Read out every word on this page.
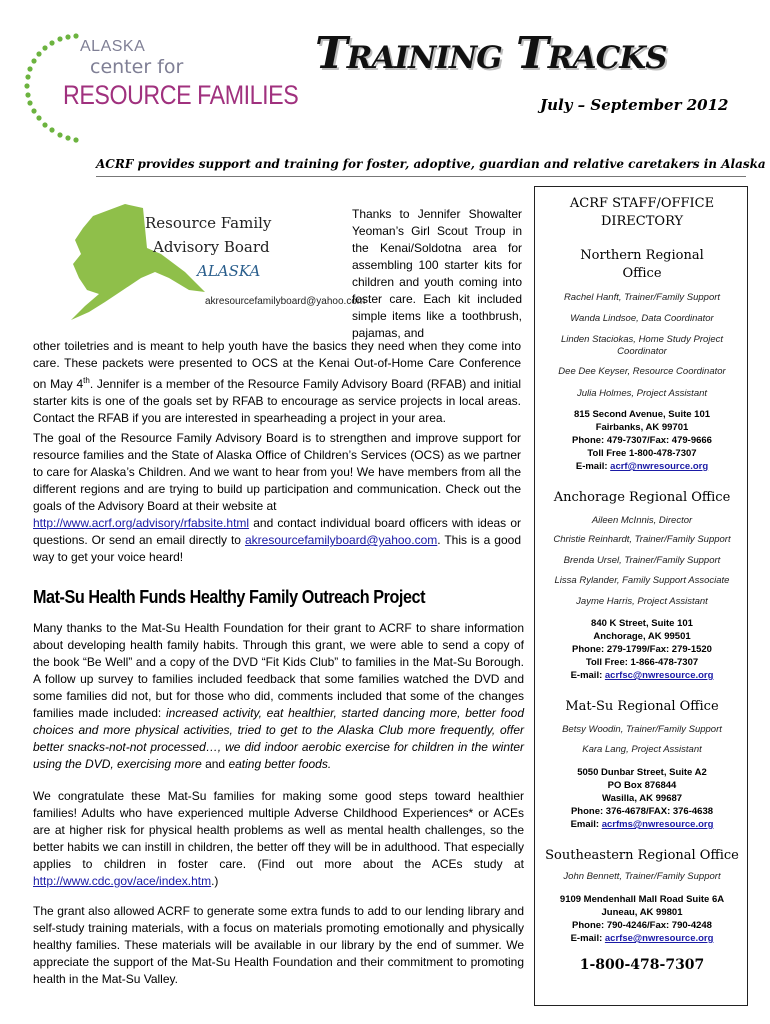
ALASKA
center for
RESOURCE FAMILIES
Training Tracks
July – September 2012
ACRF provides support and training for foster, adoptive, guardian and relative caretakers in Alaska
Resource Family
Advisory Board
ALASKA
akresourcefamilyboard@yahoo.com
Thanks to Jennifer Showalter Yeoman’s Girl Scout Troup in the Kenai/Soldotna area for assembling 100 starter kits for children and youth coming into foster care. Each kit included simple items like a toothbrush, pajamas, and
other toiletries and is meant to help youth have the basics they need when they come into care. These packets were presented to OCS at the Kenai Out-of-Home Care Conference on May 4th. Jennifer is a member of the Resource Family Advisory Board (RFAB) and initial starter kits is one of the goals set by RFAB to encourage as service projects in local areas. Contact the RFAB if you are interested in spearheading a project in your area.
The goal of the Resource Family Advisory Board is to strengthen and improve support for resource families and the State of Alaska Office of Children’s Services (OCS) as we partner to care for Alaska’s Children. And we want to hear from you! We have members from all the different regions and are trying to build up participation and communication. Check out the goals of the Advisory Board at their website at
http://www.acrf.org/advisory/rfabsite.html and contact individual board officers with ideas or questions. Or send an email directly to akresourcefamilyboard@yahoo.com. This is a good way to get your voice heard!
Mat-Su Health Funds Healthy Family Outreach Project
Many thanks to the Mat-Su Health Foundation for their grant to ACRF to share information about developing health family habits. Through this grant, we were able to send a copy of the book “Be Well” and a copy of the DVD “Fit Kids Club” to families in the Mat-Su Borough. A follow up survey to families included feedback that some families watched the DVD and some families did not, but for those who did, comments included that some of the changes families made included: increased activity, eat healthier, started dancing more, better food choices and more physical activities, tried to get to the Alaska Club more frequently, offer better snacks-not-not processed…, we did indoor aerobic exercise for children in the winter using the DVD, exercising more and eating better foods.
We congratulate these Mat-Su families for making some good steps toward healthier families! Adults who have experienced multiple Adverse Childhood Experiences* or ACEs are at higher risk for physical health problems as well as mental health challenges, so the better habits we can instill in children, the better off they will be in adulthood. That especially applies to children in foster care. (Find out more about the ACEs study at http://www.cdc.gov/ace/index.htm.)
The grant also allowed ACRF to generate some extra funds to add to our lending library and self-study training materials, with a focus on materials promoting emotionally and physically healthy families. These materials will be available in our library by the end of summer. We appreciate the support of the Mat-Su Health Foundation and their commitment to promoting health in the Mat-Su Valley.
ACRF STAFF/OFFICE
DIRECTORY
Northern Regional
Office
Rachel Hanft, Trainer/Family Support
Wanda Lindsoe, Data Coordinator
Linden Staciokas, Home Study Project
Coordinator
Dee Dee Keyser, Resource Coordinator
Julia Holmes, Project Assistant
815 Second Avenue, Suite 101
Fairbanks, AK 99701
Phone: 479-7307/Fax: 479-9666
Toll Free 1-800-478-7307
E-mail: acrf@nwresource.org
Anchorage Regional Office
Aileen McInnis, Director
Christie Reinhardt, Trainer/Family Support
Brenda Ursel, Trainer/Family Support
Lissa Rylander, Family Support Associate
Jayme Harris, Project Assistant
840 K Street, Suite 101
Anchorage, AK 99501
Phone: 279-1799/Fax: 279-1520
Toll Free: 1-866-478-7307
E-mail: acrfsc@nwresource.org
Mat-Su Regional Office
Betsy Woodin, Trainer/Family Support
Kara Lang, Project Assistant
5050 Dunbar Street, Suite A2
PO Box 876844
Wasilla, AK 99687
Phone: 376-4678/FAX: 376-4638
Email: acrfms@nwresource.org
Southeastern Regional Office
John Bennett, Trainer/Family Support
9109 Mendenhall Mall Road Suite 6A
Juneau, AK 99801
Phone: 790-4246/Fax: 790-4248
E-mail: acrfse@nwresource.org
1-800-478-7307
